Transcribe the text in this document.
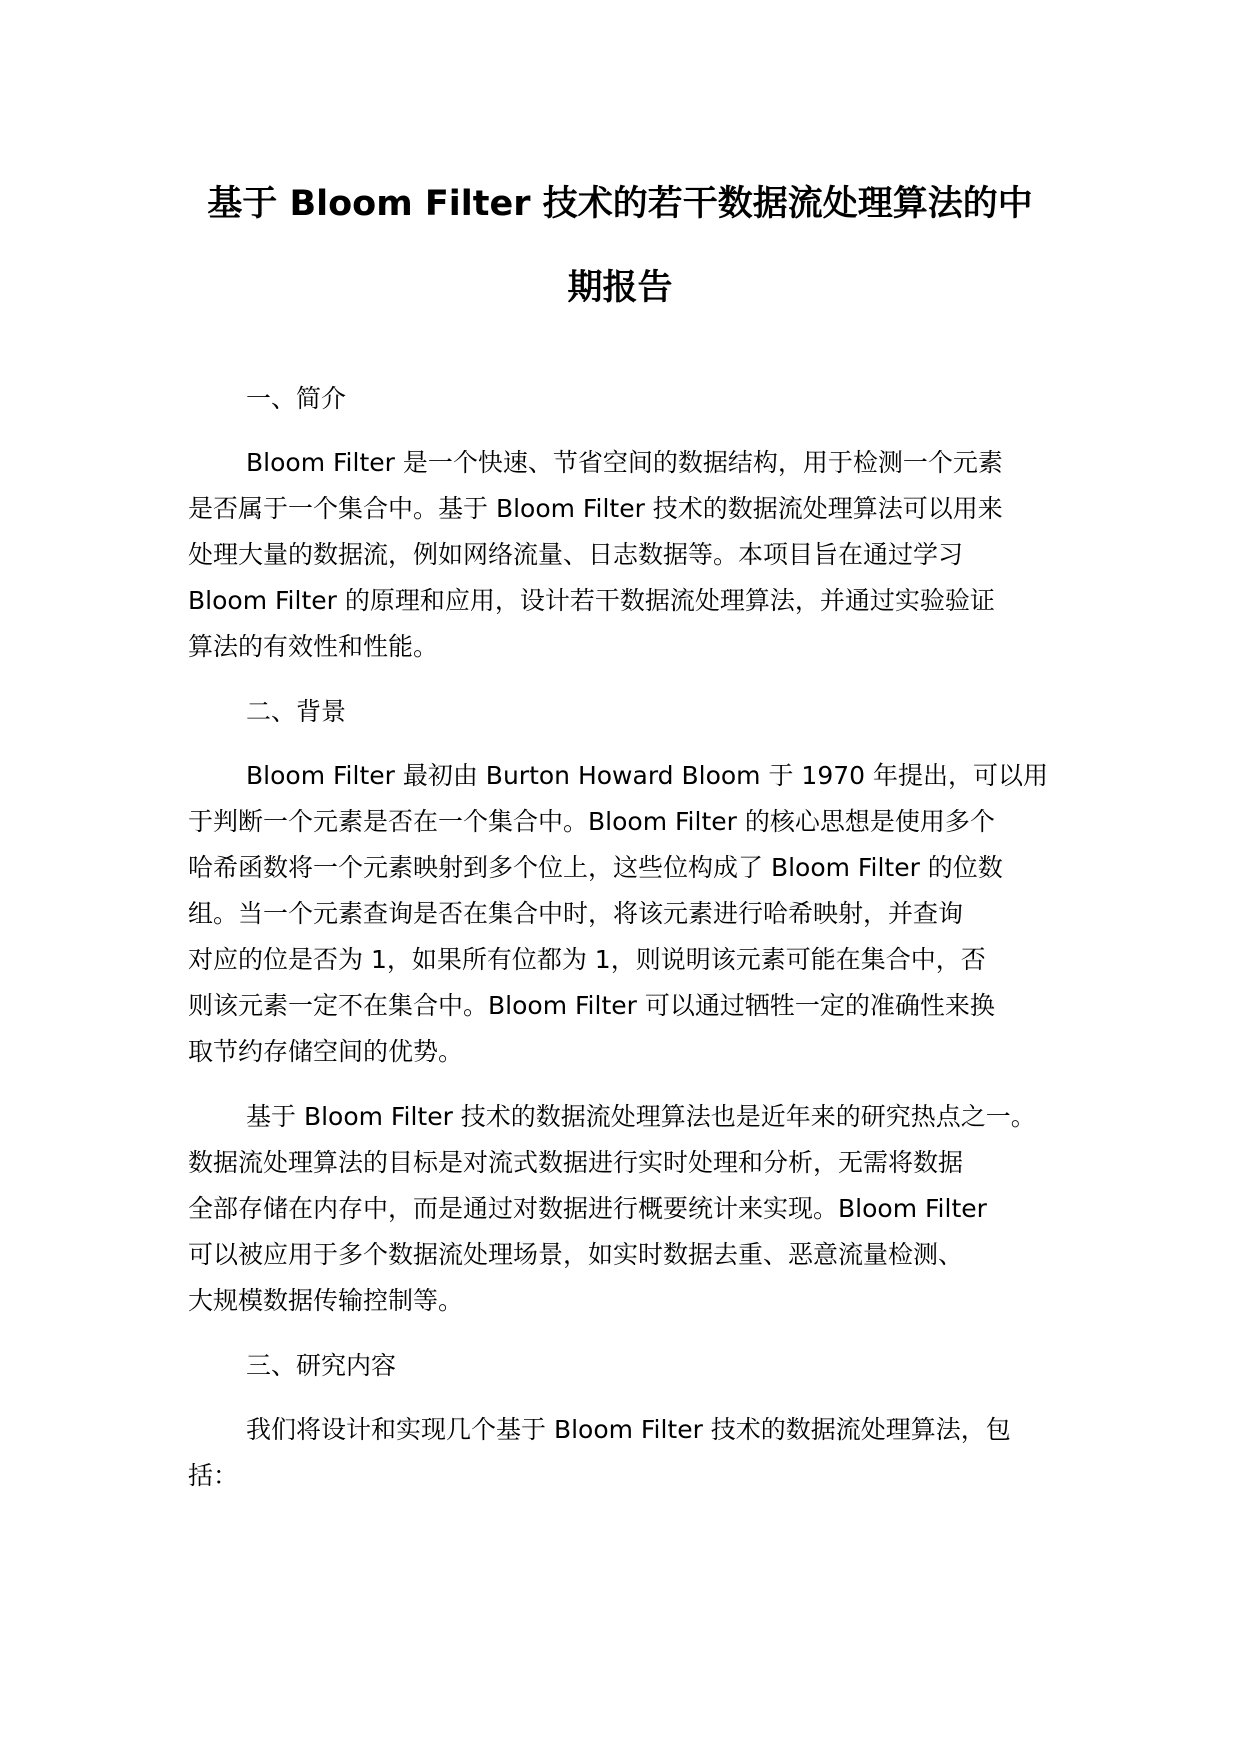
基于 Bloom Filter 技术的若干数据流处理算法的中
期报告
一、简介
Bloom Filter 是一个快速、节省空间的数据结构，用于检测一个元素
是否属于一个集合中。基于 Bloom Filter 技术的数据流处理算法可以用来
处理大量的数据流，例如网络流量、日志数据等。本项目旨在通过学习
Bloom Filter 的原理和应用，设计若干数据流处理算法，并通过实验验证
算法的有效性和性能。
二、背景
Bloom Filter 最初由 Burton Howard Bloom 于 1970 年提出，可以用
于判断一个元素是否在一个集合中。Bloom Filter 的核心思想是使用多个
哈希函数将一个元素映射到多个位上，这些位构成了 Bloom Filter 的位数
组。当一个元素查询是否在集合中时，将该元素进行哈希映射，并查询
对应的位是否为 1，如果所有位都为 1，则说明该元素可能在集合中，否
则该元素一定不在集合中。Bloom Filter 可以通过牺牲一定的准确性来换
取节约存储空间的优势。
基于 Bloom Filter 技术的数据流处理算法也是近年来的研究热点之一。
数据流处理算法的目标是对流式数据进行实时处理和分析，无需将数据
全部存储在内存中，而是通过对数据进行概要统计来实现。Bloom Filter
可以被应用于多个数据流处理场景，如实时数据去重、恶意流量检测、
大规模数据传输控制等。
三、研究内容
我们将设计和实现几个基于 Bloom Filter 技术的数据流处理算法，包
括：
